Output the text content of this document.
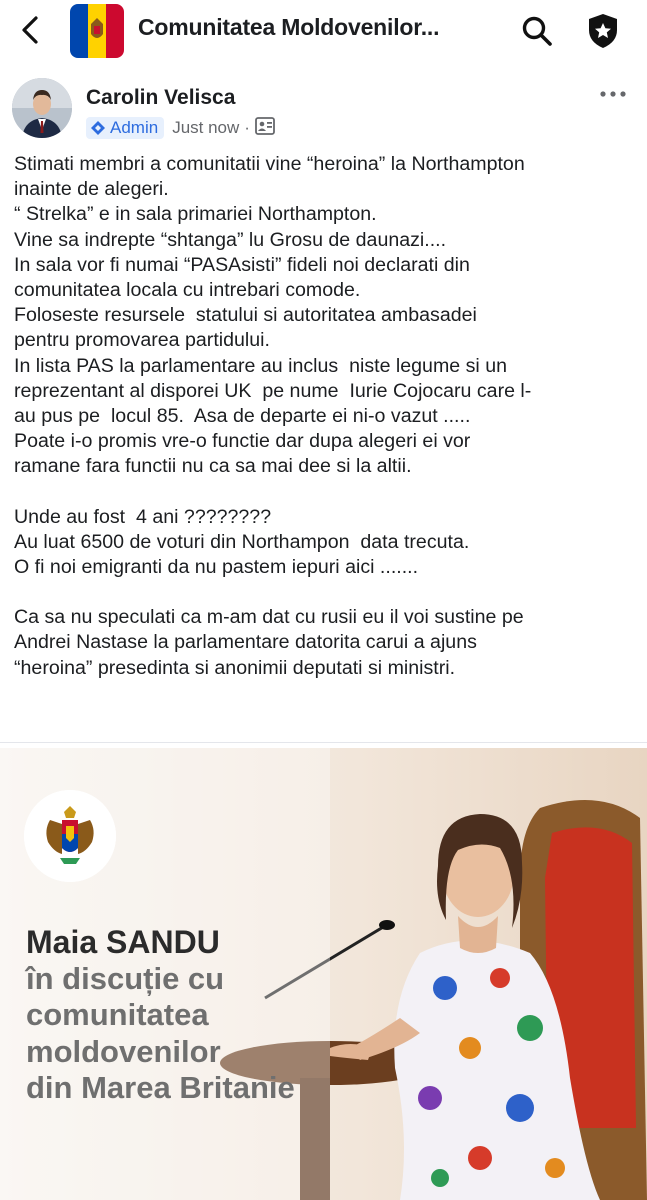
Comunitatea Moldovenilor...
Carolin Velisca
Admin Just now ·

Stimati membri a comunitatii vine “heroina” la Northampton
inainte de alegeri.
“ Strelka” e in sala primariei Northampton.
Vine sa indrepte “shtanga” lu Grosu de daunazi....
In sala vor fi numai “PASAsisti” fideli noi declarati din
comunitatea locala cu intrebari comode.
Foloseste resursele  statului si autoritatea ambasadei
pentru promovarea partidului.
In lista PAS la parlamentare au inclus  niste legume si un
reprezentant al disporei UK  pe nume  Iurie Cojocaru care l-
au pus pe  locul 85.  Asa de departe ei ni-o vazut .....
Poate i-o promis vre-o functie dar dupa alegeri ei vor
ramane fara functii nu ca sa mai dee si la altii.

Unde au fost  4 ani ????????
Au luat 6500 de voturi din Northampon  data trecuta.
O fi noi emigranti da nu pastem iepuri aici .......

Ca sa nu speculati ca m-am dat cu rusii eu il voi sustine pe
Andrei Nastase la parlamentare datorita carui a ajuns
“heroina” presedinta si anonimii deputati si ministri.

Maia SANDU
în discuție cu
comunitatea
moldovenilor
din Marea Britanie
